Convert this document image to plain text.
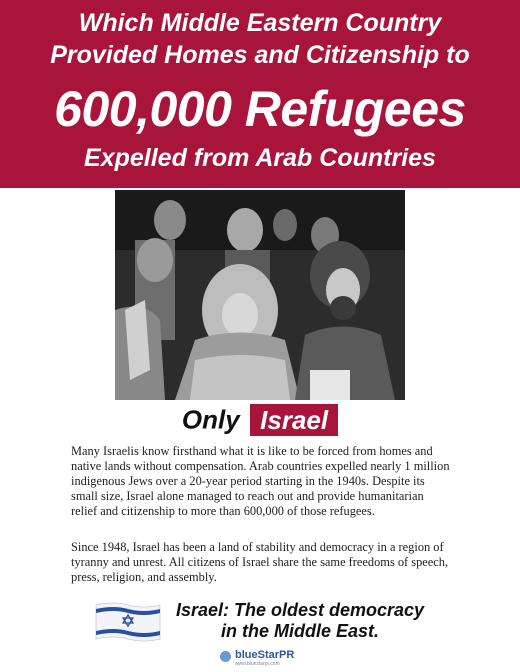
Which Middle Eastern Country
Provided Homes and Citizenship to
600,000 Refugees
Expelled from Arab Countries
Only Israel
Many Israelis know firsthand what it is like to be forced from homes and native lands without compensation. Arab countries expelled nearly 1 million indigenous Jews over a 20-year period starting in the 1940s. Despite its small size, Israel alone managed to reach out and provide humanitarian relief and citizenship to more than 600,000 of those refugees.
Since 1948, Israel has been a land of stability and democracy in a region of tyranny and unrest. All citizens of Israel share the same freedoms of speech, press, religion, and assembly.
Israel: The oldest democracy
in the Middle East.
blueStarPR
www.bluestarpr.com
